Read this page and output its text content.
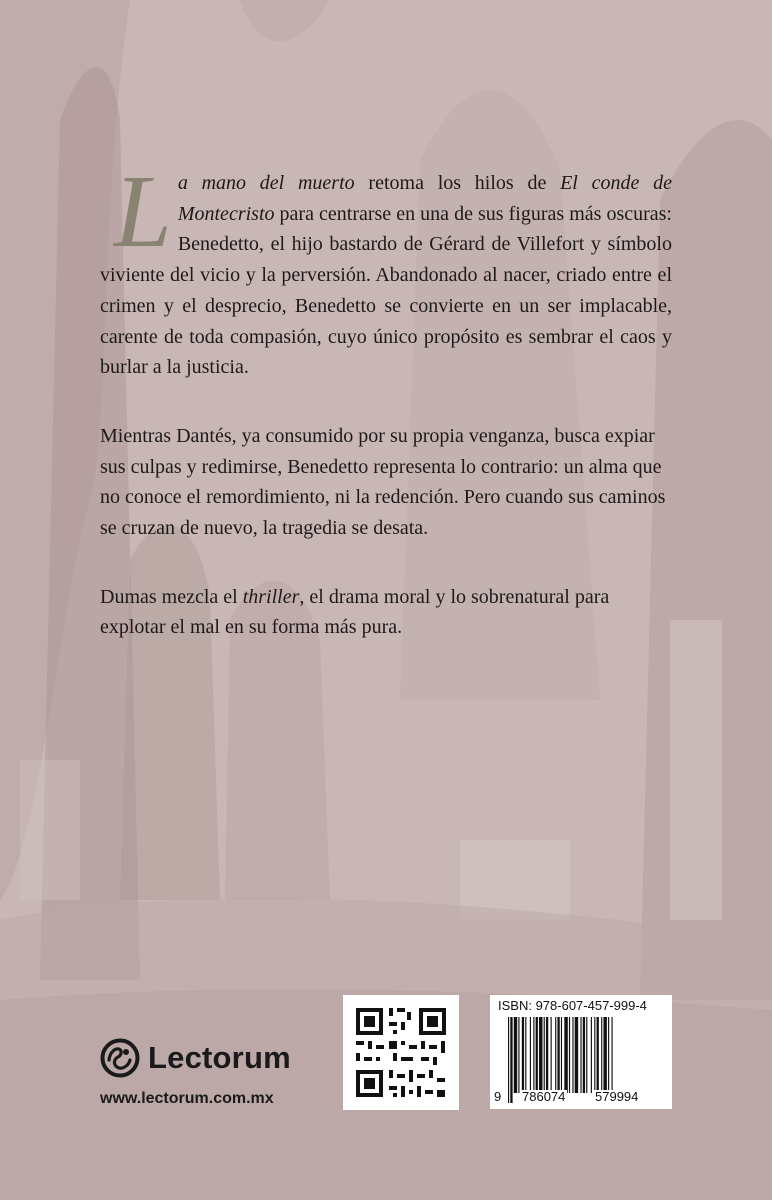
La mano del muerto retoma los hilos de El conde de Montecristo para centrarse en una de sus figuras más oscuras: Benedetto, el hijo bastardo de Gérard de Villefort y símbolo viviente del vicio y la perversión. Abandonado al nacer, criado entre el crimen y el desprecio, Benedetto se convierte en un ser implacable, carente de toda compasión, cuyo único propósito es sembrar el caos y burlar a la justicia.

Mientras Dantés, ya consumido por su propia venganza, busca expiar sus culpas y redimirse, Benedetto representa lo contrario: un alma que no conoce el remordimiento, ni la redención. Pero cuando sus caminos se cruzan de nuevo, la tragedia se desata.

Dumas mezcla el thriller, el drama moral y lo sobrenatural para explotar el mal en su forma más pura.

Lectorum
www.lectorum.com.mx
ISBN: 978-607-457-999-4
9 786074 579994
